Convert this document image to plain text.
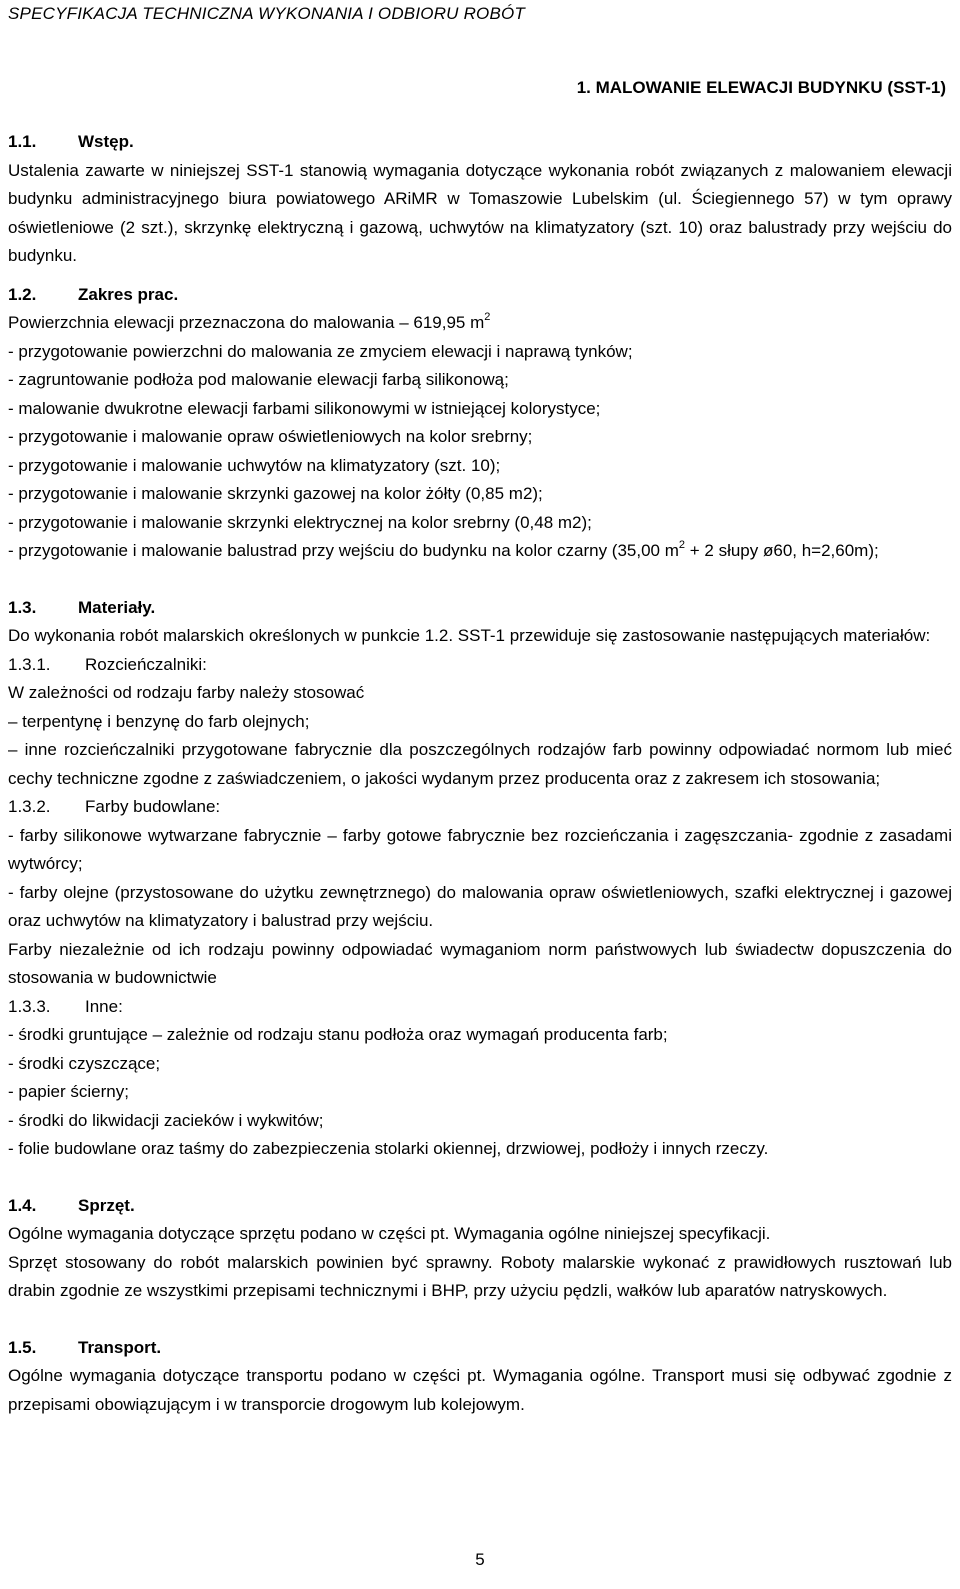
SPECYFIKACJA TECHNICZNA WYKONANIA I ODBIORU ROBÓT
1. MALOWANIE ELEWACJI BUDYNKU (SST-1)

1.1. Wstęp.

Ustalenia zawarte w niniejszej SST-1 stanowią wymagania dotyczące wykonania robót związanych z malowaniem elewacji budynku administracyjnego biura powiatowego ARiMR w Tomaszowie Lubelskim (ul. Ściegiennego 57) w tym oprawy oświetleniowe (2 szt.), skrzynkę elektryczną i gazową, uchwytów na klimatyzatory (szt. 10) oraz balustrady przy wejściu do budynku.

1.2. Zakres prac.

Powierzchnia elewacji przeznaczona do malowania – 619,95 $m^2$

- przygotowanie powierzchni do malowania ze zmyciem elewacji i naprawą tynków;

- zagruntowanie podłoża pod malowanie elewacji farbą silikonową;

- malowanie dwukrotne elewacji farbami silikonowymi w istniejącej kolorystyce;

- przygotowanie i malowanie opraw oświetleniowych na kolor srebrny;

- przygotowanie i malowanie uchwytów na klimatyzatory (szt. 10);

- przygotowanie i malowanie skrzynki gazowej na kolor żółty (0,85 m2);

- przygotowanie i malowanie skrzynki elektrycznej na kolor srebrny (0,48 m2);

- przygotowanie i malowanie balustrad przy wejściu do budynku na kolor czarny (35,00 $m^2 + 2$ słupy ø60, h=2,60m);

1.3. Materiały.

Do wykonania robót malarskich określonych w punkcie 1.2. SST-1 przewiduje się zastosowanie następujących materiałów:

1.3.1. Rozcieńczalniki:

W zależności od rodzaju farby należy stosować

– terpentynę i benzynę do farb olejnych;

– inne rozcieńczalniki przygotowane fabrycznie dla poszczególnych rodzajów farb powinny odpowiadać normom lub mieć cechy techniczne zgodne z zaświadczeniem, o jakości wydanym przez producenta oraz z zakresem ich stosowania;

1.3.2. Farby budowlane:

- farby silikonowe wytwarzane fabrycznie – farby gotowe fabrycznie bez rozcieńczania i zagęszczania- zgodnie z zasadami wytwórcy;

- farby olejne (przystosowane do użytku zewnętrznego) do malowania opraw oświetleniowych, szafki elektrycznej i gazowej oraz uchwytów na klimatyzatory i balustrad przy wejściu.

Farby niezależnie od ich rodzaju powinny odpowiadać wymaganiom norm państwowych lub świadectw dopuszczenia do stosowania w budownictwie

1.3.3. Inne:

- środki gruntujące – zależnie od rodzaju stanu podłoża oraz wymagań producenta farb;

- środki czyszczące;

- papier ścierny;

- środki do likwidacji zacieków i wykwitów;

- folie budowlane oraz taśmy do zabezpieczenia stolarki okiennej, drzwiowej, podłoży i innych rzeczy.

1.4. Sprzęt.

Ogólne wymagania dotyczące sprzętu podano w części pt. Wymagania ogólne niniejszej specyfikacji.

Sprzęt stosowany do robót malarskich powinien być sprawny. Roboty malarskie wykonać z prawidłowych rusztowań lub drabin zgodnie ze wszystkimi przepisami technicznymi i BHP, przy użyciu pędzli, wałków lub aparatów natryskowych.

1.5. Transport.

Ogólne wymagania dotyczące transportu podano w części pt. Wymagania ogólne. Transport musi się odbywać zgodnie z przepisami obowiązującym i w transporcie drogowym lub kolejowym.

5
